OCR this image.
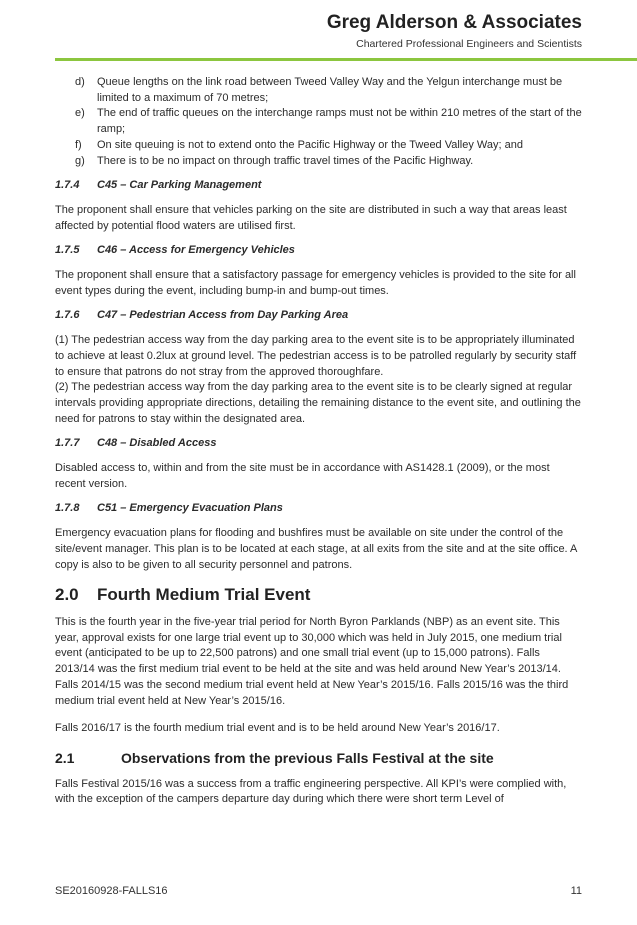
Greg Alderson & Associates
Chartered Professional Engineers and Scientists
d) Queue lengths on the link road between Tweed Valley Way and the Yelgun interchange must be limited to a maximum of 70 metres;
e) The end of traffic queues on the interchange ramps must not be within 210 metres of the start of the ramp;
f) On site queuing is not to extend onto the Pacific Highway or the Tweed Valley Way; and
g) There is to be no impact on through traffic travel times of the Pacific Highway.
1.7.4	C45 – Car Parking Management

The proponent shall ensure that vehicles parking on the site are distributed in such a way that areas least affected by potential flood waters are utilised first.

1.7.5	C46 – Access for Emergency Vehicles

The proponent shall ensure that a satisfactory passage for emergency vehicles is provided to the site for all event types during the event, including bump-in and bump-out times.

1.7.6	C47 – Pedestrian Access from Day Parking Area

(1) The pedestrian access way from the day parking area to the event site is to be appropriately illuminated to achieve at least 0.2lux at ground level. The pedestrian access is to be patrolled regularly by security staff to ensure that patrons do not stray from the approved thoroughfare.

(2) The pedestrian access way from the day parking area to the event site is to be clearly signed at regular intervals providing appropriate directions, detailing the remaining distance to the event site, and outlining the need for patrons to stay within the designated area.

1.7.7	C48 – Disabled Access

Disabled access to, within and from the site must be in accordance with AS1428.1 (2009), or the most recent version.

1.7.8	C51 – Emergency Evacuation Plans

Emergency evacuation plans for flooding and bushfires must be available on site under the control of the site/event manager. This plan is to be located at each stage, at all exits from the site and at the site office. A copy is also to be given to all security personnel and patrons.

2.0	Fourth Medium Trial Event

This is the fourth year in the five-year trial period for North Byron Parklands (NBP) as an event site. This year, approval exists for one large trial event up to 30,000 which was held in July 2015, one medium trial event (anticipated to be up to 22,500 patrons) and one small trial event (up to 15,000 patrons). Falls 2013/14 was the first medium trial event to be held at the site and was held around New Year’s 2013/14. Falls 2014/15 was the second medium trial event held at New Year’s 2015/16. Falls 2015/16 was the third medium trial event held at New Year’s 2015/16.

Falls 2016/17 is the fourth medium trial event and is to be held around New Year’s 2016/17.

2.1	Observations from the previous Falls Festival at the site

Falls Festival 2015/16 was a success from a traffic engineering perspective. All KPI’s were complied with, with the exception of the campers departure day during which there were short term Level of

SE20160928-FALLS16	11
